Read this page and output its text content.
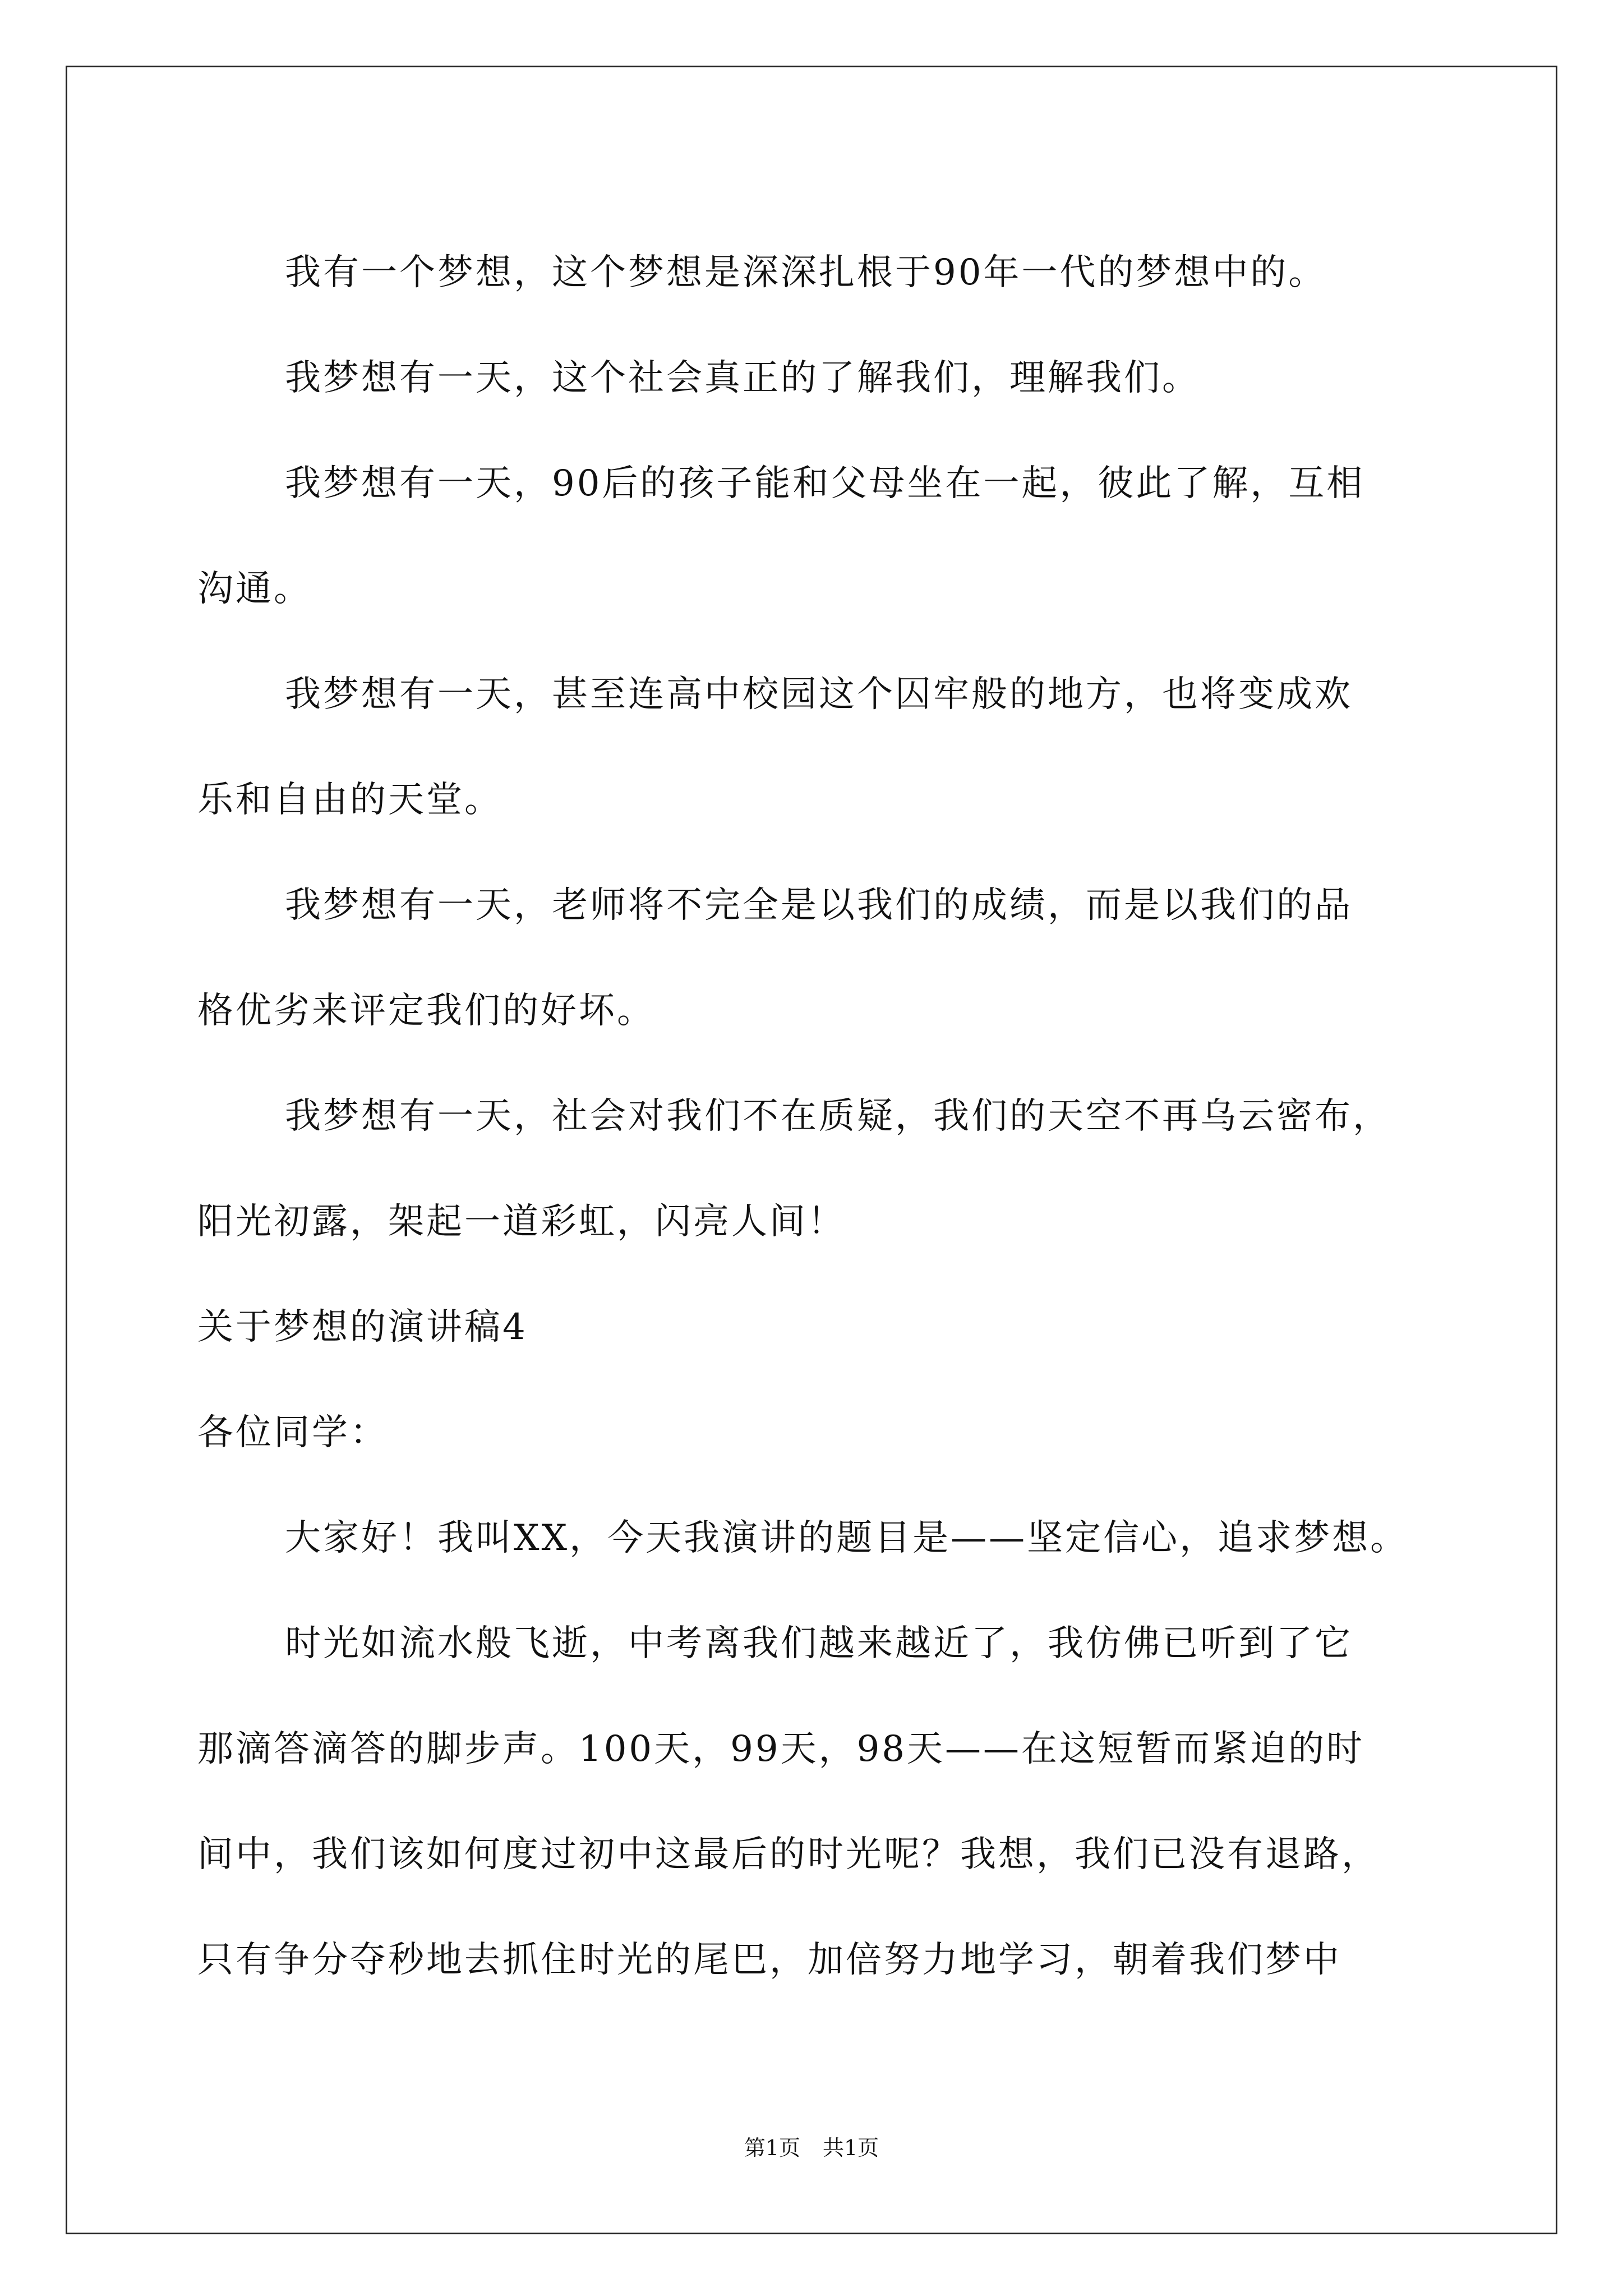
我有一个梦想，这个梦想是深深扎根于90年一代的梦想中的。

我梦想有一天，这个社会真正的了解我们，理解我们。

我梦想有一天，90后的孩子能和父母坐在一起，彼此了解，互相

沟通。

我梦想有一天，甚至连高中校园这个囚牢般的地方，也将变成欢

乐和自由的天堂。

我梦想有一天，老师将不完全是以我们的成绩，而是以我们的品

格优劣来评定我们的好坏。

我梦想有一天，社会对我们不在质疑，我们的天空不再乌云密布，

阳光初露，架起一道彩虹，闪亮人间！

关于梦想的演讲稿4

各位同学：

大家好！我叫XX，今天我演讲的题目是——坚定信心，追求梦想。

时光如流水般飞逝，中考离我们越来越近了，我仿佛已听到了它

那滴答滴答的脚步声。100天，99天，98天——在这短暂而紧迫的时

间中，我们该如何度过初中这最后的时光呢？我想，我们已没有退路，

只有争分夺秒地去抓住时光的尾巴，加倍努力地学习，朝着我们梦中

第1页 共1页
